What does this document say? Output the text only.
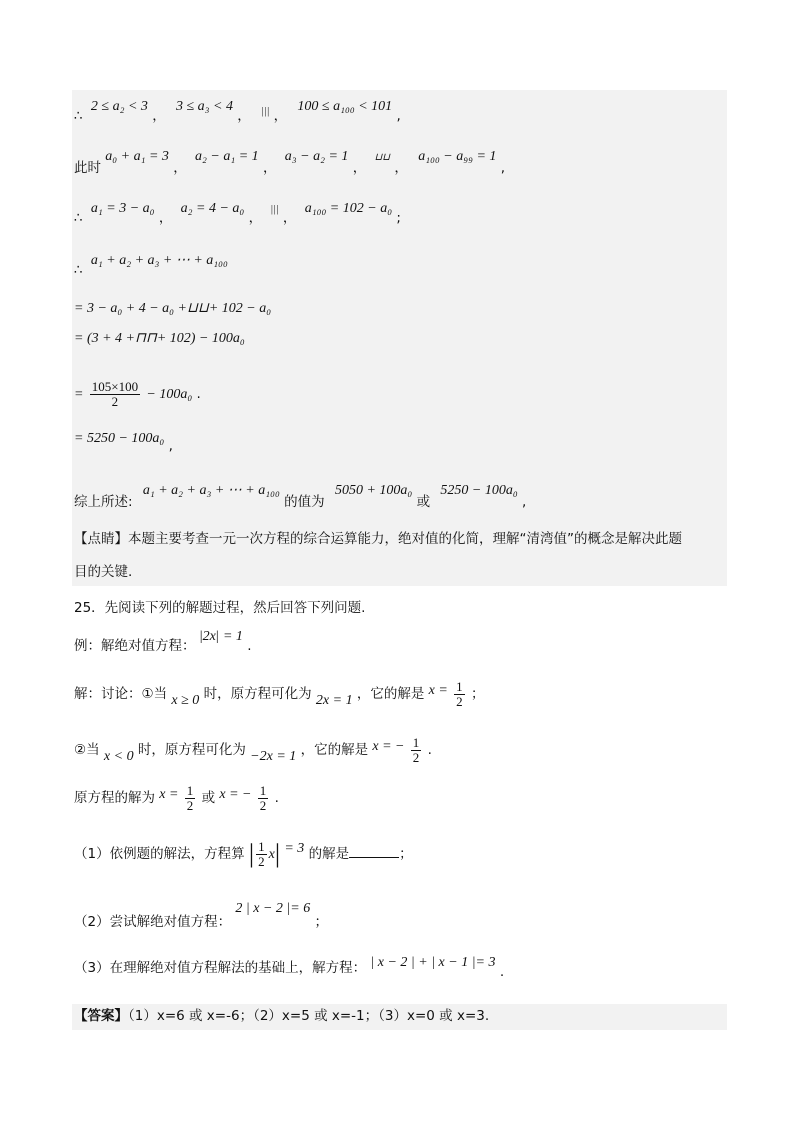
∴ 2 ≤ a₂ < 3 ， 3 ≤ a₃ < 4 ， $_{|||}$ ， 100 ≤ a₁₀₀ < 101 ,
此时 a₀ + a₁ = 3 ， a₂ − a₁ = 1 ， a₃ − a₂ = 1 ， ⊔⊔ ， a₁₀₀ − a₉₉ = 1 ,
∴ a₁ = 3 − a₀ ， a₂ = 4 − a₀ ， ||| ， a₁₀₀ = 102 − a₀ ;
∴ a₁ + a₂ + a₃ + ⋯ + a₁₀₀
= 3 − a₀ + 4 − a₀ +⊔⊔+ 102 − a₀
= (3 + 4 +⊓⊓+ 102) − 100a₀
= $\frac{105\times 100}{2} - 100a_0$ .
= 5250 − 100a₀ ,
综上所述: a₁ + a₂ + a₃ + ⋯ + a₁₀₀ 的值为 5050 + 100a₀ 或 5250 − 100a₀ ,
【点睛】本题主要考查一元一次方程的综合运算能力，绝对值的化简，理解“清湾值”的概念是解决此题
目的关键.
25．先阅读下列的解题过程，然后回答下列问题.
例：解绝对值方程： |2x| = 1 .
解：讨论：①当 x ≥ 0 时，原方程可化为 2x = 1 ，它的解是 $x = \frac{1}{2}$ ；
②当 x < 0 时，原方程可化为 −2x = 1 ，它的解是 x = − $\frac{1}{2}$ .
原方程的解为 $x = \frac{1}{2}$ 或 x = − $\frac{1}{2}$ .
（1）依例题的解法，方程算 | $\frac{1}{2} x| = 3$ 的解是	；
（2）尝试解绝对值方程： 2 | x − 2 |= 6 ；
（3）在理解绝对值方程解法的基础上，解方程： | x − 2 | + | x − 1 |= 3 .
【答案】（1）x=6 或 x=-6；（2）x=5 或 x=-1；（3）x=0 或 x=3.
